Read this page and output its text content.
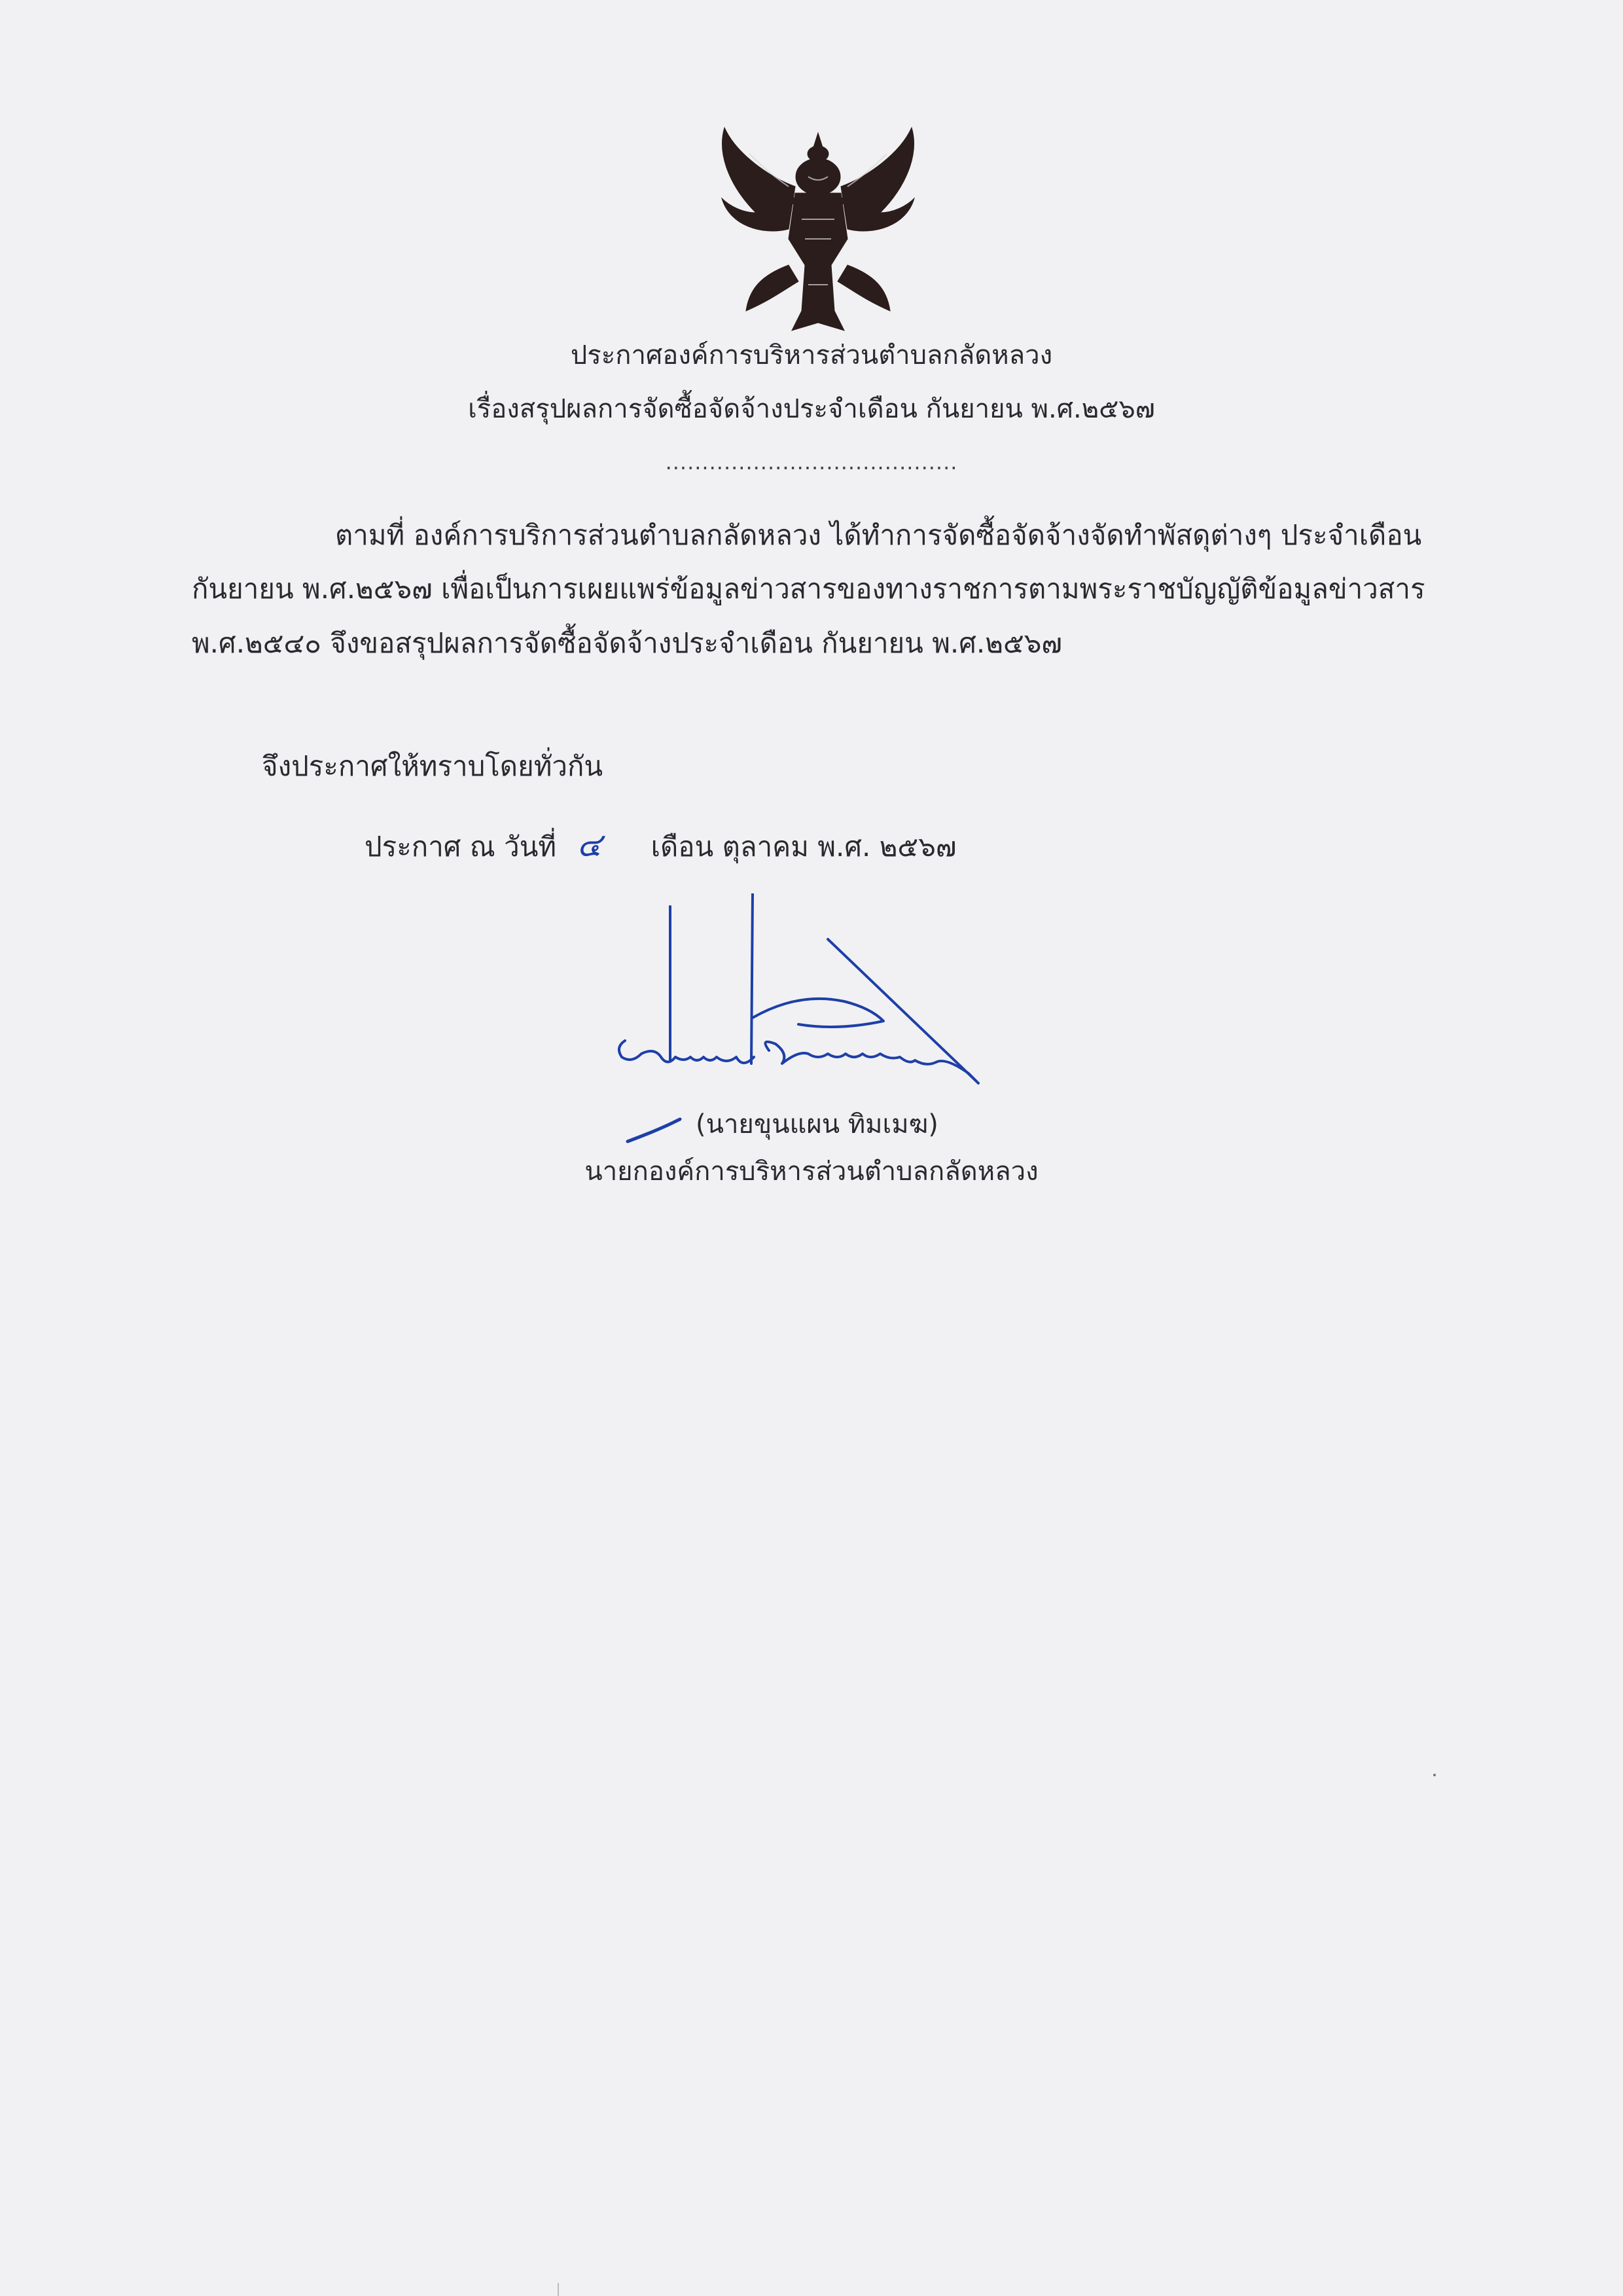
ประกาศองค์การบริหารส่วนตำบลกลัดหลวง
เรื่องสรุปผลการจัดซื้อจัดจ้างประจำเดือน กันยายน พ.ศ.๒๕๖๗
........................................
ตามที่ องค์การบริการส่วนตำบลกลัดหลวง ได้ทำการจัดซื้อจัดจ้างจัดทำพัสดุต่างๆ ประจำเดือน
กันยายน พ.ศ.๒๕๖๗ เพื่อเป็นการเผยแพร่ข้อมูลข่าวสารของทางราชการตามพระราชบัญญัติข้อมูลข่าวสาร
พ.ศ.๒๕๔๐ จึงขอสรุปผลการจัดซื้อจัดจ้างประจำเดือน กันยายน พ.ศ.๒๕๖๗
จึงประกาศให้ทราบโดยทั่วกัน
ประกาศ ณ วันที่ ๔ เดือน ตุลาคม พ.ศ. ๒๕๖๗
(นายขุนแผน ทิมเมฆ)
นายกองค์การบริหารส่วนตำบลกลัดหลวง
